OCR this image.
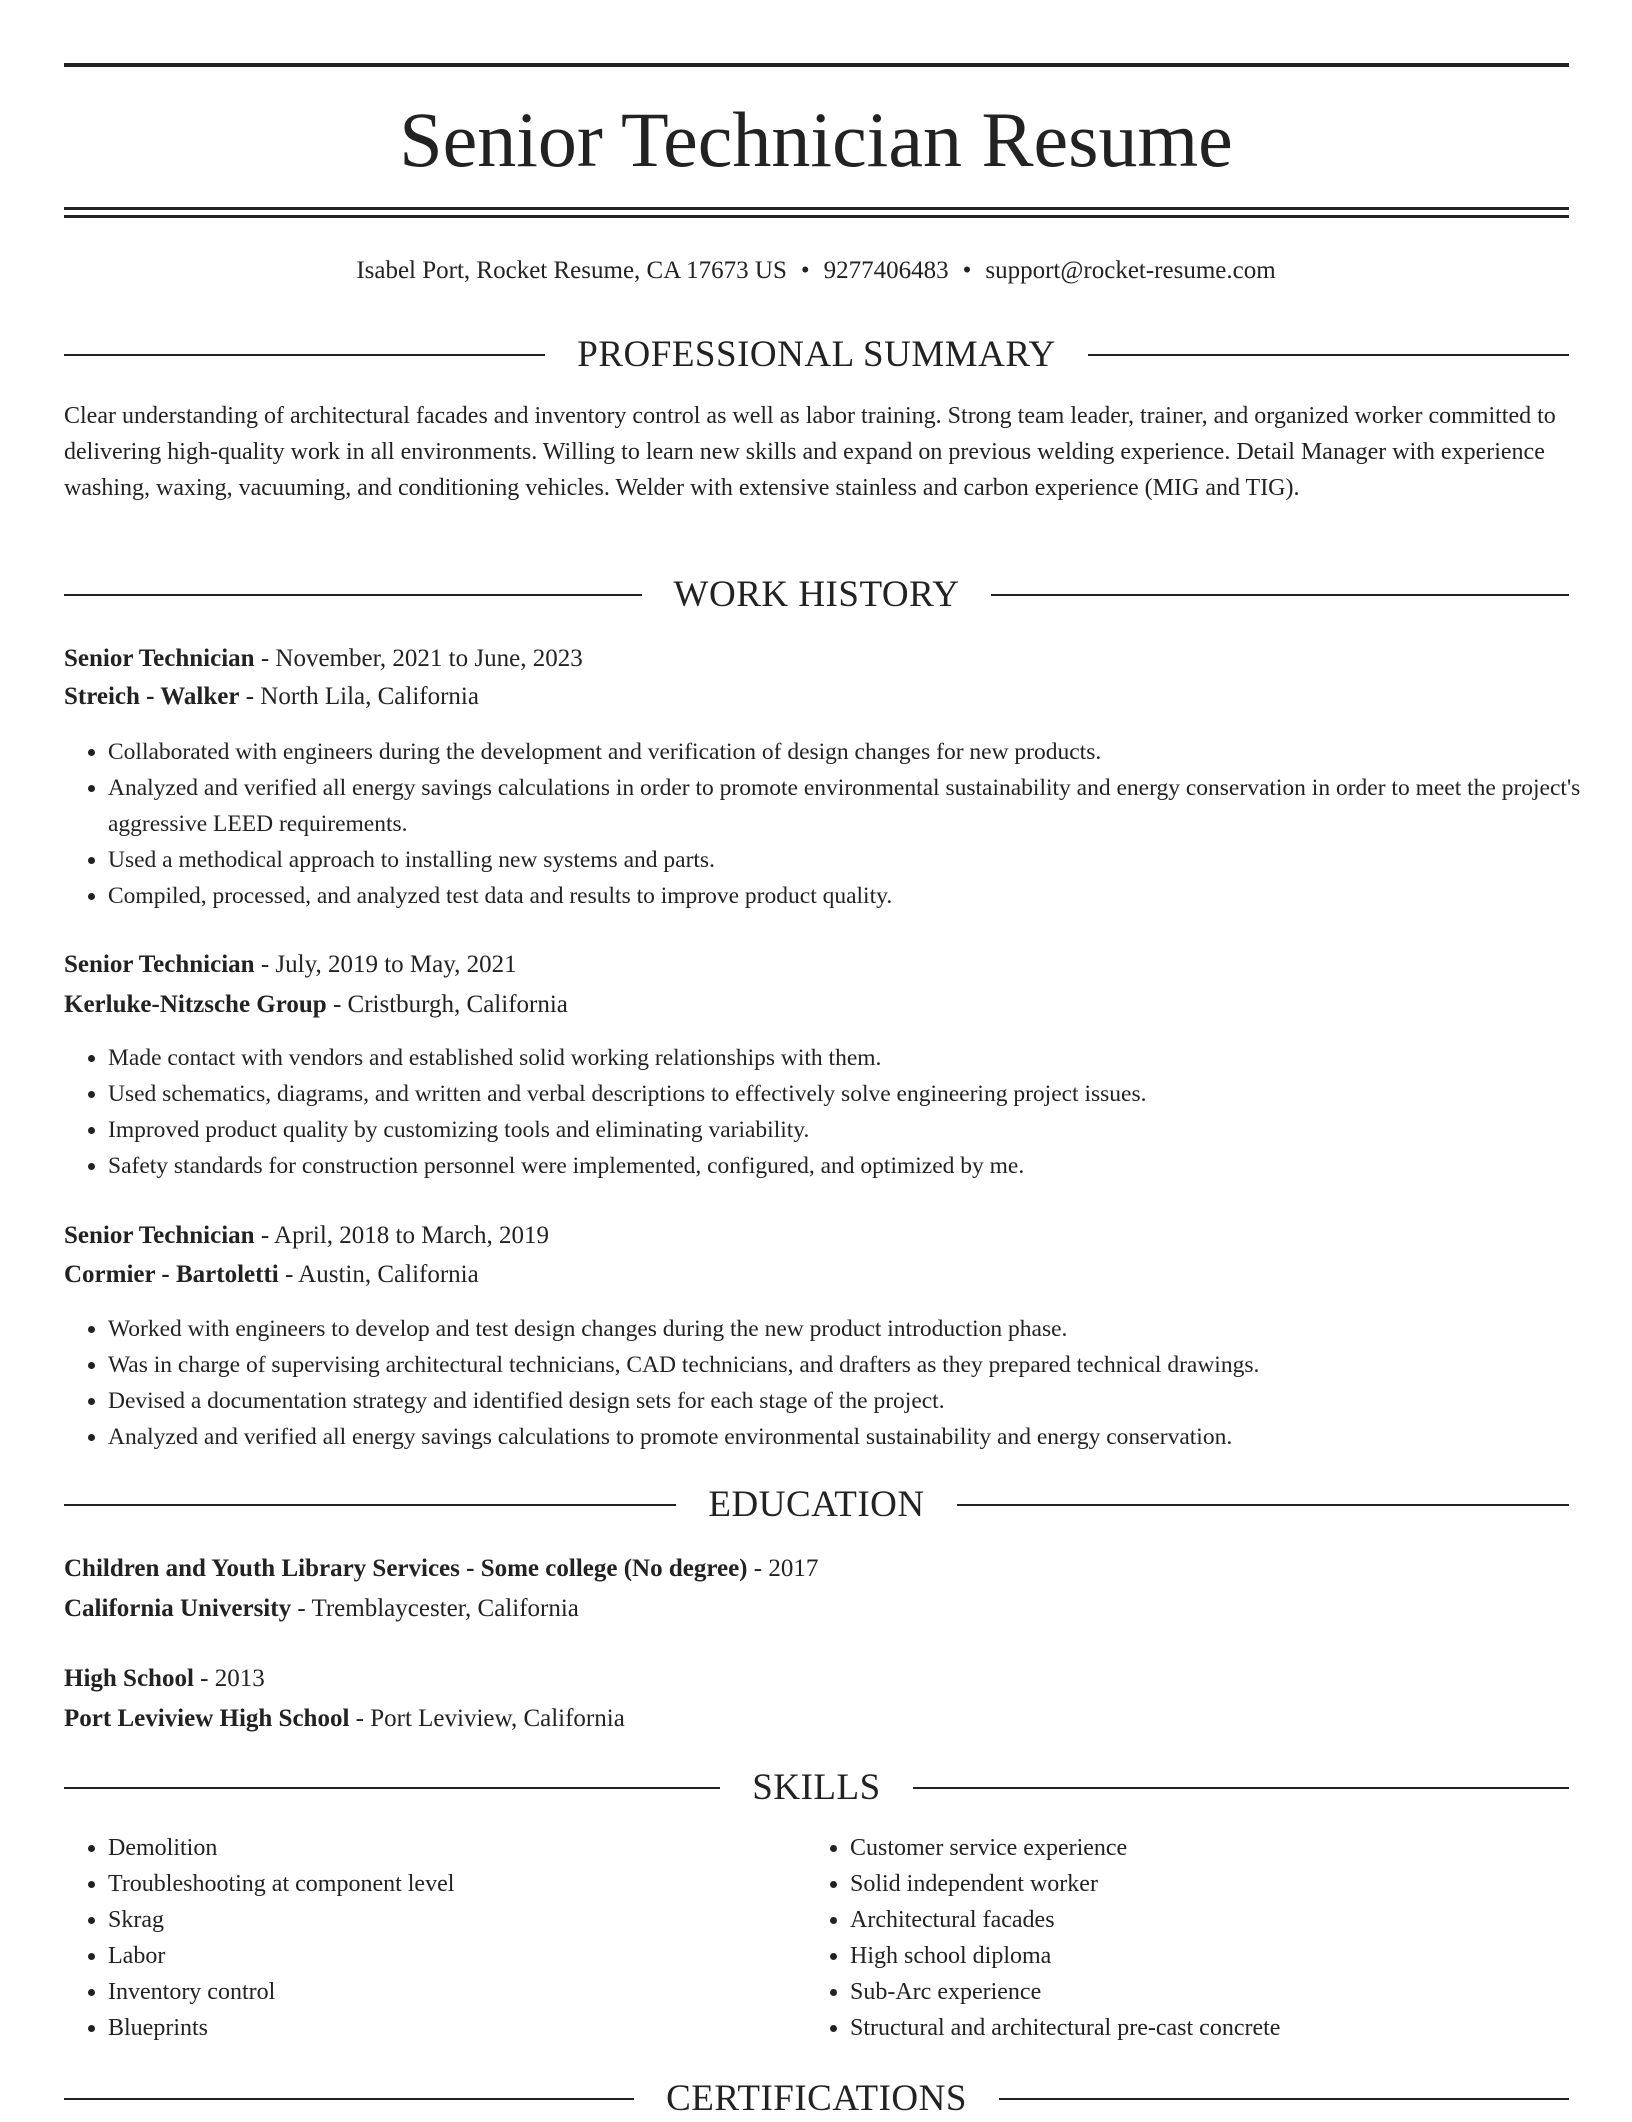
Senior Technician Resume
Isabel Port, Rocket Resume, CA 17673 US • 9277406483 • support@rocket-resume.com
PROFESSIONAL SUMMARY

Clear understanding of architectural facades and inventory control as well as labor training. Strong team leader, trainer, and organized worker committed to delivering high-quality work in all environments. Willing to learn new skills and expand on previous welding experience. Detail Manager with experience washing, waxing, vacuuming, and conditioning vehicles. Welder with extensive stainless and carbon experience (MIG and TIG).

WORK HISTORY
Senior Technician - November, 2021 to June, 2023
Streich - Walker - North Lila, California
• Collaborated with engineers during the development and verification of design changes for new products.
• Analyzed and verified all energy savings calculations in order to promote environmental sustainability and energy conservation in order to meet the project's aggressive LEED requirements.
• Used a methodical approach to installing new systems and parts.
• Compiled, processed, and analyzed test data and results to improve product quality.
Senior Technician - July, 2019 to May, 2021
Kerluke-Nitzsche Group - Cristburgh, California
• Made contact with vendors and established solid working relationships with them.
• Used schematics, diagrams, and written and verbal descriptions to effectively solve engineering project issues.
• Improved product quality by customizing tools and eliminating variability.
• Safety standards for construction personnel were implemented, configured, and optimized by me.
Senior Technician - April, 2018 to March, 2019
Cormier - Bartoletti - Austin, California
• Worked with engineers to develop and test design changes during the new product introduction phase.
• Was in charge of supervising architectural technicians, CAD technicians, and drafters as they prepared technical drawings.
• Devised a documentation strategy and identified design sets for each stage of the project.
• Analyzed and verified all energy savings calculations to promote environmental sustainability and energy conservation.
EDUCATION
Children and Youth Library Services - Some college (No degree) - 2017
California University - Tremblaycester, California
High School - 2013
Port Leviview High School - Port Leviview, California
SKILLS
• Demolition
• Troubleshooting at component level
• Skrag
• Labor
• Inventory control
• Blueprints
• Customer service experience
• Solid independent worker
• Architectural facades
• High school diploma
• Sub-Arc experience
• Structural and architectural pre-cast concrete
CERTIFICATIONS
